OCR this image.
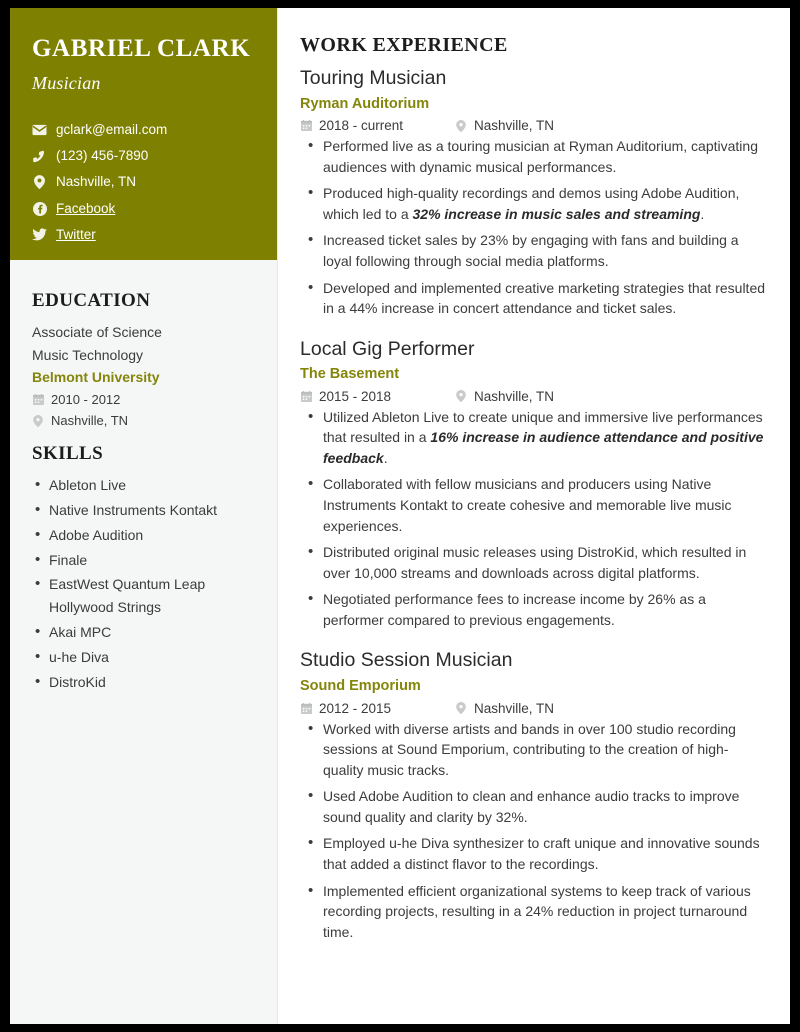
GABRIEL CLARK
Musician
gclark@email.com
(123) 456-7890
Nashville, TN
Facebook
Twitter
EDUCATION
Associate of Science
Music Technology
Belmont University
2010 - 2012
Nashville, TN
SKILLS
• Ableton Live
• Native Instruments Kontakt
• Adobe Audition
• Finale
• EastWest Quantum Leap Hollywood Strings
• Akai MPC
• u-he Diva
• DistroKid
WORK EXPERIENCE
Touring Musician
Ryman Auditorium
2018 - current	Nashville, TN
• Performed live as a touring musician at Ryman Auditorium, captivating audiences with dynamic musical performances.
• Produced high-quality recordings and demos using Adobe Audition, which led to a 32% increase in music sales and streaming.
• Increased ticket sales by 23% by engaging with fans and building a loyal following through social media platforms.
• Developed and implemented creative marketing strategies that resulted in a 44% increase in concert attendance and ticket sales.
Local Gig Performer
The Basement
2015 - 2018	Nashville, TN
• Utilized Ableton Live to create unique and immersive live performances that resulted in a 16% increase in audience attendance and positive feedback.
• Collaborated with fellow musicians and producers using Native Instruments Kontakt to create cohesive and memorable live music experiences.
• Distributed original music releases using DistroKid, which resulted in over 10,000 streams and downloads across digital platforms.
• Negotiated performance fees to increase income by 26% as a performer compared to previous engagements.
Studio Session Musician
Sound Emporium
2012 - 2015	Nashville, TN
• Worked with diverse artists and bands in over 100 studio recording sessions at Sound Emporium, contributing to the creation of high-quality music tracks.
• Used Adobe Audition to clean and enhance audio tracks to improve sound quality and clarity by 32%.
• Employed u-he Diva synthesizer to craft unique and innovative sounds that added a distinct flavor to the recordings.
• Implemented efficient organizational systems to keep track of various recording projects, resulting in a 24% reduction in project turnaround time.
